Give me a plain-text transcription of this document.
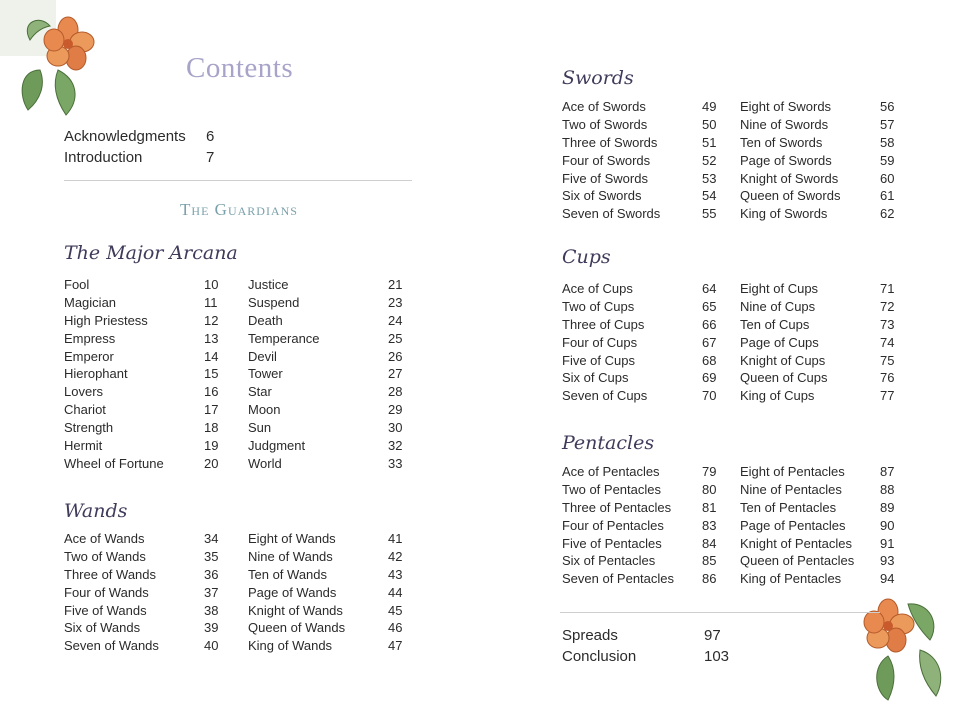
Contents
Acknowledgments 6
Introduction	7
The Guardians
The Major Arcana
Fool	10
Magician	11
High Priestess	12
Empress	13
Emperor	14
Hierophant	15
Lovers	16
Chariot	17
Strength	18
Hermit	19
Wheel of Fortune	20
Justice	21
Suspend	23
Death	24
Temperance	25
Devil	26
Tower	27
Star	28
Moon	29
Sun	30
Judgment	32
World	33
Wands
Ace of Wands	34
Two of Wands	35
Three of Wands	36
Four of Wands	37
Five of Wands	38
Six of Wands	39
Seven of Wands	40
Eight of Wands	41
Nine of Wands	42
Ten of Wands	43
Page of Wands	44
Knight of Wands	45
Queen of Wands	46
King of Wands	47
Swords
Ace of Swords	49
Two of Swords	50
Three of Swords	51
Four of Swords	52
Five of Swords	53
Six of Swords	54
Seven of Swords	55
Eight of Swords	56
Nine of Swords	57
Ten of Swords	58
Page of Swords	59
Knight of Swords	60
Queen of Swords	61
King of Swords	62
Cups
Ace of Cups	64
Two of Cups	65
Three of Cups	66
Four of Cups	67
Five of Cups	68
Six of Cups	69
Seven of Cups	70
Eight of Cups	71
Nine of Cups	72
Ten of Cups	73
Page of Cups	74
Knight of Cups	75
Queen of Cups	76
King of Cups	77
Pentacles
Ace of Pentacles	79
Two of Pentacles	80
Three of Pentacles 81
Four of Pentacles	83
Five of Pentacles	84
Six of Pentacles	85
Seven of Pentacles 86
Eight of Pentacles	87
Nine of Pentacles	88
Ten of Pentacles	89
Page of Pentacles	90
Knight of Pentacles 91
Queen of Pentacles 93
King of Pentacles	94
Spreads	97
Conclusion	103
